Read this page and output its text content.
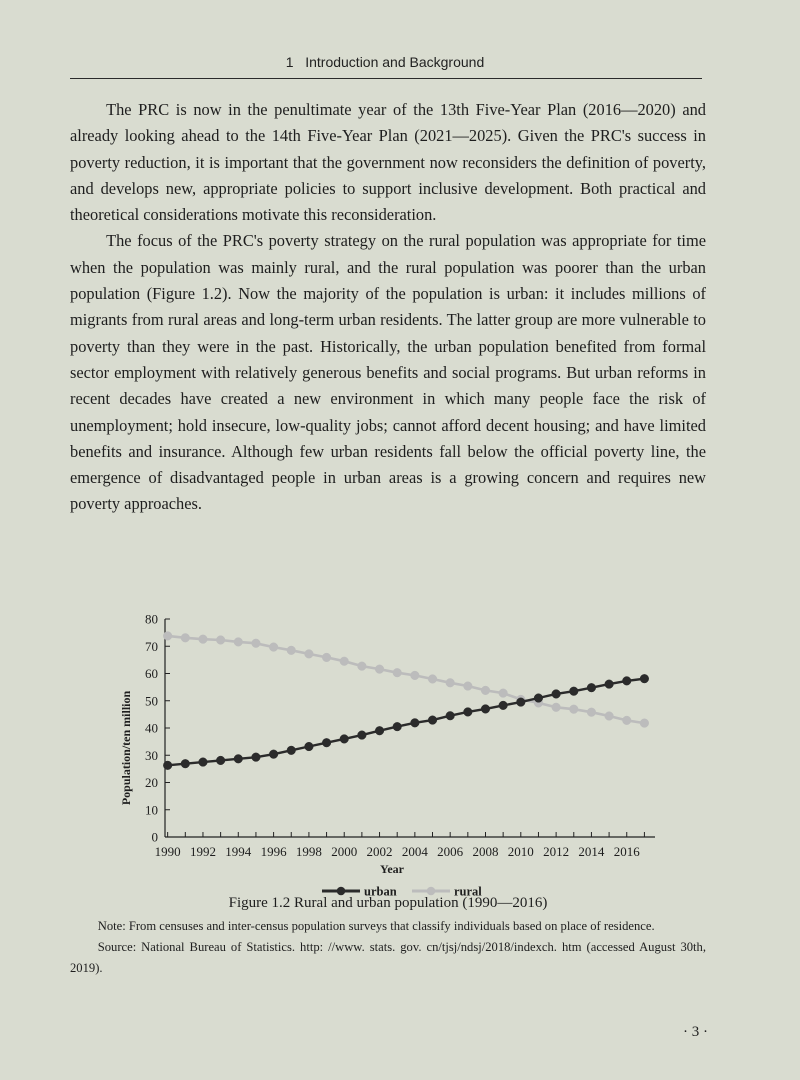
1 Introduction and Background

The PRC is now in the penultimate year of the 13th Five-Year Plan (2016—2020) and already looking ahead to the 14th Five-Year Plan (2021—2025). Given the PRC's success in poverty reduction, it is important that the government now reconsiders the definition of poverty, and develops new, appropriate policies to support inclusive development. Both practical and theoretical considerations motivate this reconsideration.

The focus of the PRC's poverty strategy on the rural population was appropriate for time when the population was mainly rural, and the rural population was poorer than the urban population (Figure 1.2). Now the majority of the population is urban: it includes millions of migrants from rural areas and long-term urban residents. The latter group are more vulnerable to poverty than they were in the past. Historically, the urban population benefited from formal sector employment with relatively generous benefits and social programs. But urban reforms in recent decades have created a new environment in which many people face the risk of unemployment; hold insecure, low-quality jobs; cannot afford decent housing; and have limited benefits and insurance. Although few urban residents fall below the official poverty line, the emergence of disadvantaged people in urban areas is a growing concern and requires new poverty approaches.

0
10
20
30
40
50
60
70
80
1990 1992 1994 1996 1998 2000 2002 2004 2006 2008 2010 2012 2014 2016
Year
Population/ten million
urban	rural
Figure 1.2 Rural and urban population (1990—2016)

Note: From censuses and inter-census population surveys that classify individuals based on place of residence.

Source: National Bureau of Statistics. http: //www. stats. gov. cn/tjsj/ndsj/2018/indexch. htm (accessed August 30th, 2019).

· 3 ·
